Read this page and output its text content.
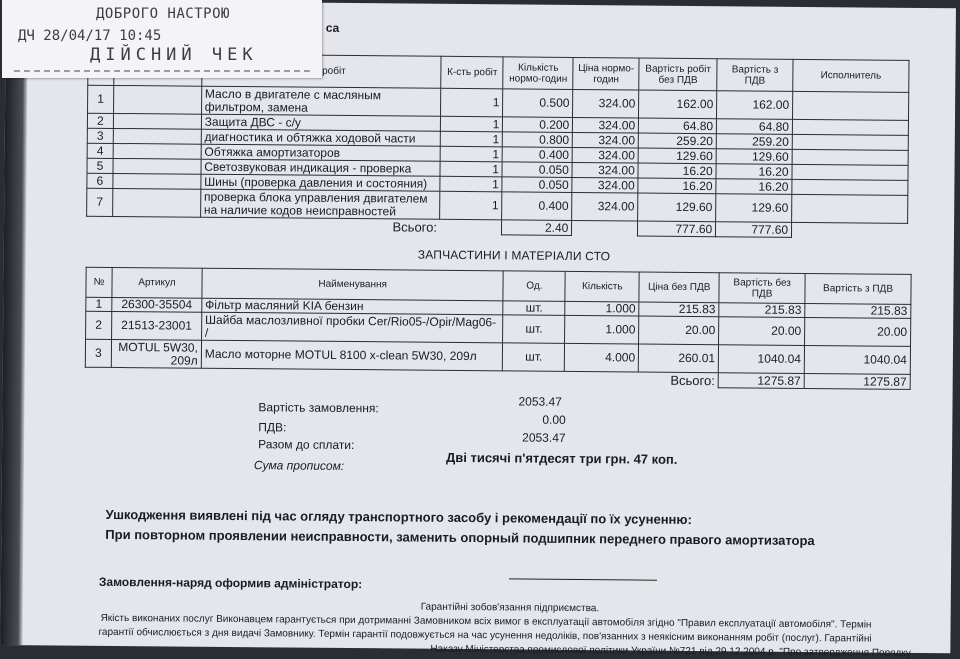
са
		робіт	К-сть робіт	Кількість нормо-годин	Ціна нормо-годин	Вартість робіт без ПДВ	Вартість з ПДВ	Исполнитель
1		Масло в двигателе с масляным фильтром, замена	1	0.500	324.00	162.00	162.00	
2		Защита ДВС - с/у	1	0.200	324.00	64.80	64.80	
3		диагностика и обтяжка ходовой части	1	0.800	324.00	259.20	259.20	
4		Обтяжка амортизаторов	1	0.400	324.00	129.60	129.60	
5		Светозвуковая индикация - проверка	1	0.050	324.00	16.20	16.20	
6		Шины (проверка давления и состояния)	1	0.050	324.00	16.20	16.20	
7		проверка блока управления двигателем на наличие кодов неисправностей	1	0.400	324.00	129.60	129.60	
		Всього:		2.40		777.60	777.60	
ЗАПЧАСТИНИ І МАТЕРІАЛИ СТО
№	Артикул	Найменування	Од.	Кількість	Ціна без ПДВ	Вартість без ПДВ	Вартість з ПДВ
1	26300-35504	Фільтр масляний KIA бензин	шт.	1.000	215.83	215.83	215.83
2	21513-23001	Шайба маслозливної пробки Cer/Rio05-/Opir/Mag06- /	шт.	1.000	20.00	20.00	20.00
3	MOTUL 5W30, 209л	Масло моторне MOTUL 8100 x-clean 5W30, 209л	шт.	4.000	260.01	1040.04	1040.04
					Всього:	1275.87	1275.87
Вартість замовлення:	2053.47
ПДВ:
0.00
Разом до сплати:	2053.47
Сума прописом:	Дві тисячі п'ятдесят три грн. 47 коп.
Ушкодження виявлені під час огляду транспортного засобу і рекомендації по їх усуненню:
При повторном проявлении неисправности, заменить опорный подшипник переднего правого амортизатора
Замовлення-наряд оформив адміністратор:
Гарантійні зобов'язання підприємства.
Якість виконаних послуг Виконавцем гарантується при дотриманні Замовником всіх вимог в експлуатації автомобіля згідно "Правил експлуатації автомобіля". Термін
гарантії обчислюється з дня видачі Замовнику. Термін гарантії подовжується на час усунення недоліків, пов'язанних з неякісним виконанням робіт (послуг). Гарантійні
Наказу Міністерства промислової політики України №721 від 29.12.2004 р. "Про затвердження Порядку
ДОБРОГО НАСТРОЮ
ДЧ 28/04/17 10:45
ДІЙСНИЙ ЧЕК
